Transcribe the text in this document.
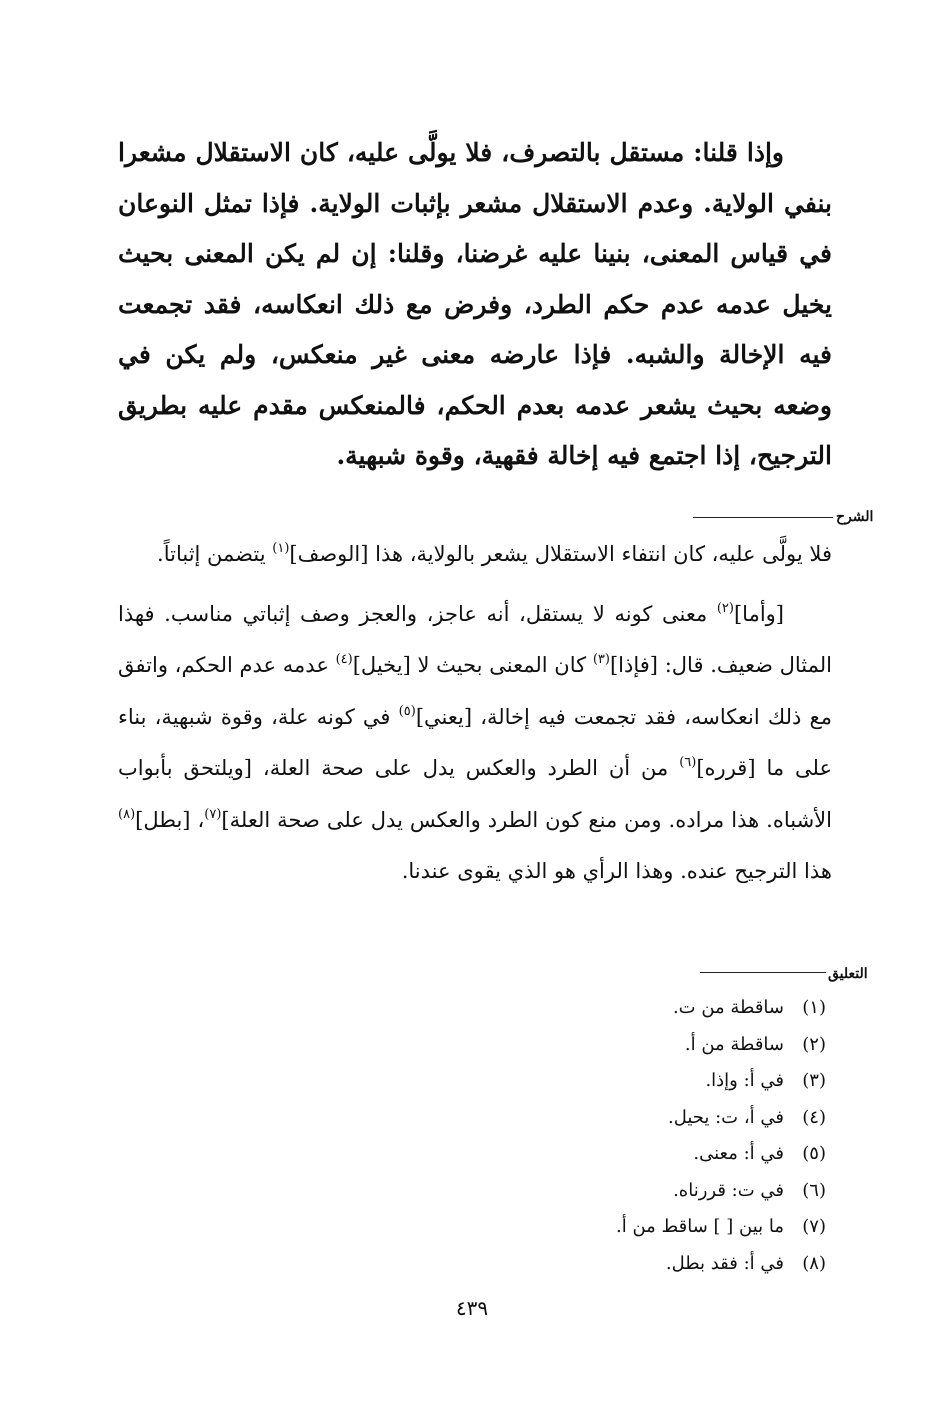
وإذا قلنا: مستقل بالتصرف، فلا يولَّى عليه، كان الاستقلال مشعرا بنفي الولاية. وعدم الاستقلال مشعر بإثبات الولاية. فإذا تمثل النوعان في قياس المعنى، بنينا عليه غرضنا، وقلنا: إن لم يكن المعنى بحيث يخيل عدمه عدم حكم الطرد، وفرض مع ذلك انعكاسه، فقد تجمعت فيه الإخالة والشبه. فإذا عارضه معنى غير منعكس، ولم يكن في وضعه بحيث يشعر عدمه بعدم الحكم، فالمنعكس مقدم عليه بطريق الترجيح، إذا اجتمع فيه إخالة فقهية، وقوة شبهية.

الشرح

فلا يولَّى عليه، كان انتفاء الاستقلال يشعر بالولاية، هذا [الوصف]$^{(١)}$ يتضمن إثباتاً.

[وأما]$^{(٢)}$ معنى كونه لا يستقل، أنه عاجز، والعجز وصف إثباتي مناسب. فهذا المثال ضعيف. قال: [فإذا]$^{(٣)}$ كان المعنى بحيث لا [يخيل]$^{(٤)}$ عدمه عدم الحكم، واتفق مع ذلك انعكاسه، فقد تجمعت فيه إخالة، [يعني]$^{(٥)}$ في كونه علة، وقوة شبهية، بناء على ما [قرره]$^{(٦)}$ من أن الطرد والعكس يدل على صحة العلة، [ويلتحق بأبواب الأشباه. هذا مراده. ومن منع كون الطرد والعكس يدل على صحة العلة]$^{(٧)}$، [بطل]$^{(٨)}$ هذا الترجيح عنده. وهذا الرأي هو الذي يقوى عندنا.

التعليق
(١)
ساقطة من ت.
(٢)
ساقطة من أ.
(٣)
في أ: وإذا.
(٤)
في أ، ت: يحيل.
(٥)
في أ: معنى.
(٦)
في ت: قررناه.
(٧)
ما بين [ ] ساقط من أ.
(٨)
في أ: فقد بطل.
٤٣٩
